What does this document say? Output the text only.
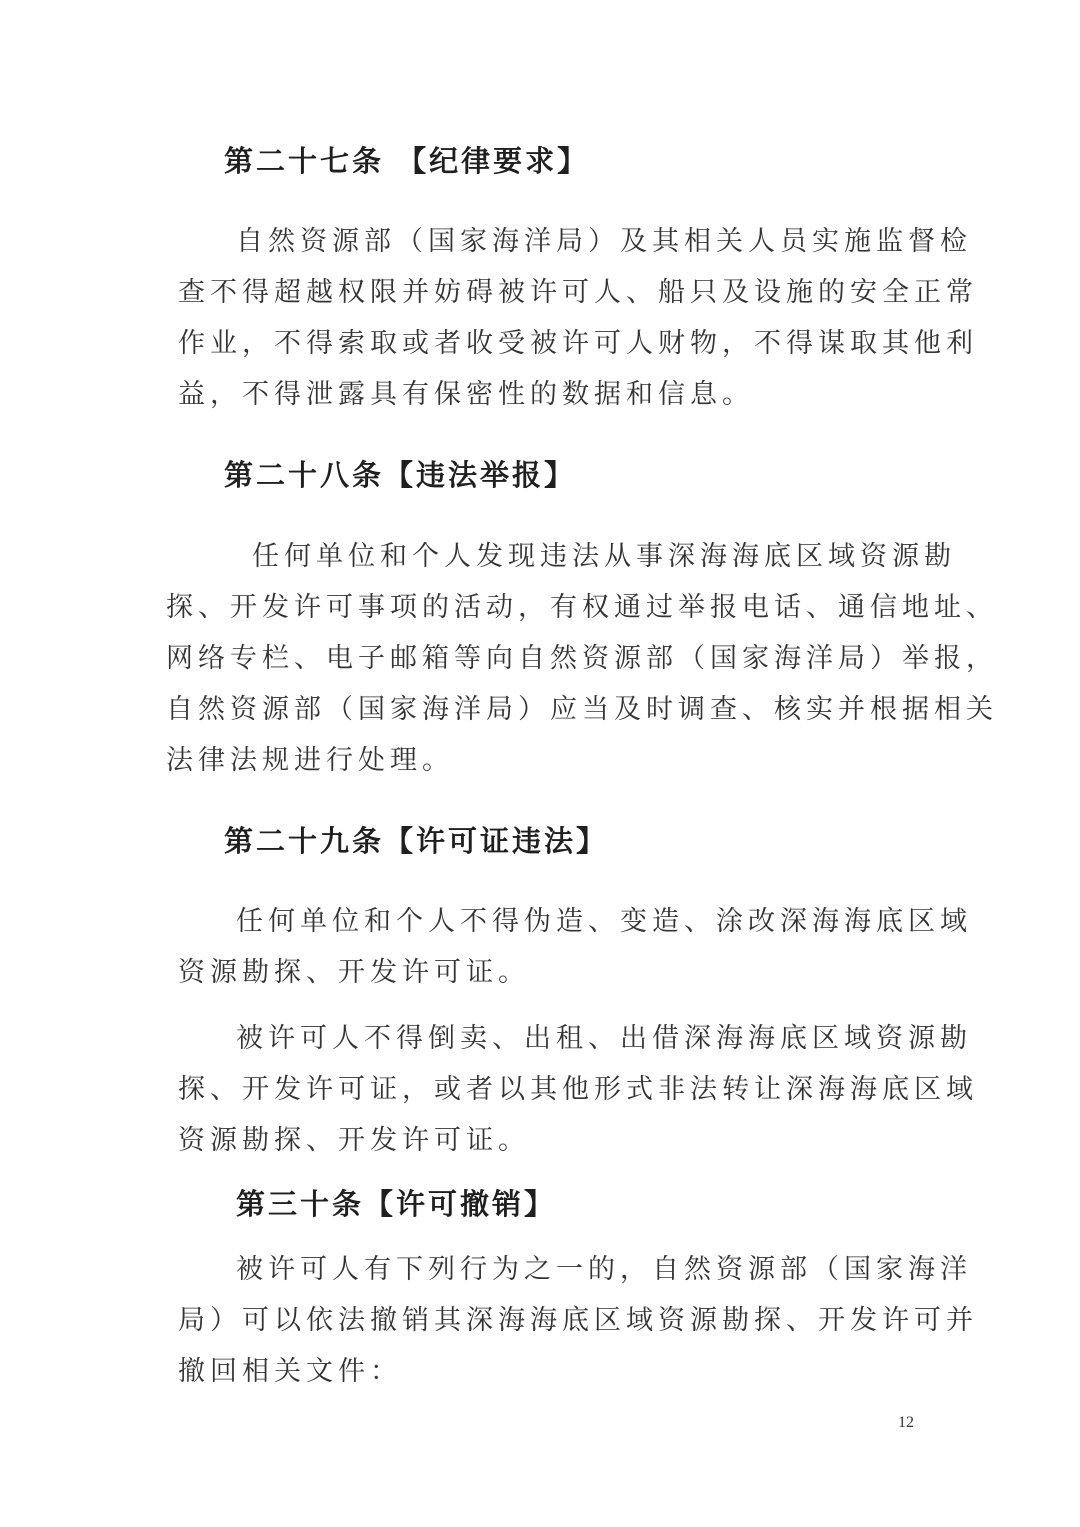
第二十七条 【纪律要求】

自然资源部（国家海洋局）及其相关人员实施监督检
查不得超越权限并妨碍被许可人、船只及设施的安全正常
作业，不得索取或者收受被许可人财物，不得谋取其他利
益，不得泄露具有保密性的数据和信息。

第二十八条【违法举报】

任何单位和个人发现违法从事深海海底区域资源勘
探、开发许可事项的活动，有权通过举报电话、通信地址、
网络专栏、电子邮箱等向自然资源部（国家海洋局）举报，
自然资源部（国家海洋局）应当及时调查、核实并根据相关
法律法规进行处理。

第二十九条【许可证违法】

任何单位和个人不得伪造、变造、涂改深海海底区域
资源勘探、开发许可证。

被许可人不得倒卖、出租、出借深海海底区域资源勘
探、开发许可证，或者以其他形式非法转让深海海底区域
资源勘探、开发许可证。

第三十条【许可撤销】

被许可人有下列行为之一的，自然资源部（国家海洋
局）可以依法撤销其深海海底区域资源勘探、开发许可并
撤回相关文件：

12
